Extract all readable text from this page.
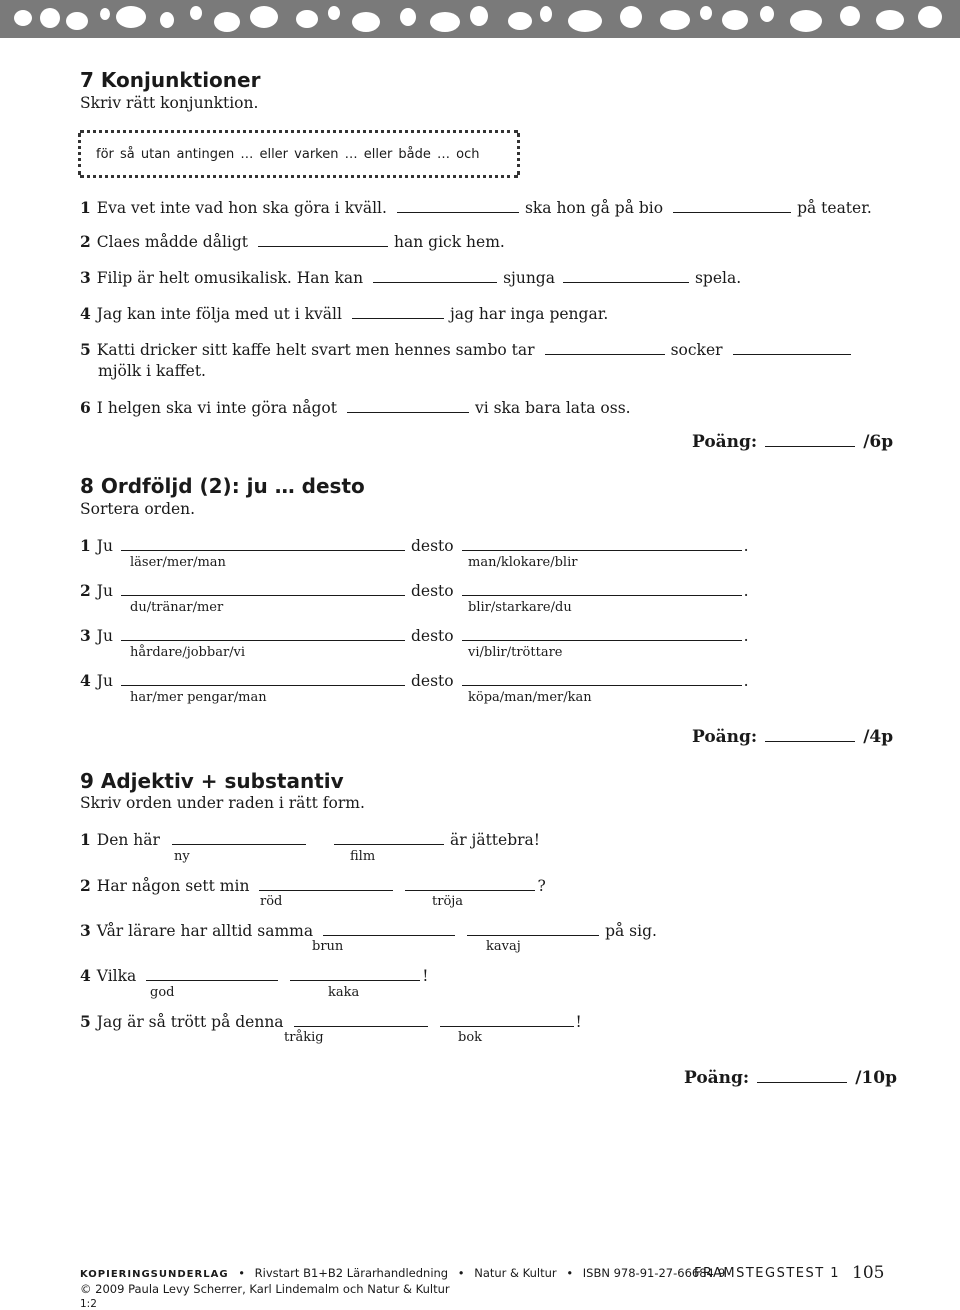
7 Konjunktioner
Skriv rätt konjunktion.
för så utan antingen … eller varken … eller både … och
1 Eva vet inte vad hon ska göra i kväll.	ska hon gå på bio	på teater.
2 Claes mådde dåligt	han gick hem.
3 Filip är helt omusikalisk. Han kan	sjunga	spela.
4 Jag kan inte följa med ut i kväll	jag har inga pengar.
5 Katti dricker sitt kaffe helt svart men hennes sambo tar	socker
mjölk i kaffet.
6 I helgen ska vi inte göra något	vi ska bara lata oss.
Poäng:	/6p
8 Ordföljd (2): ju … desto
Sortera orden.
1 Ju	desto	.
läser/mer/man	man/klokare/blir
2 Ju	desto	.
du/tränar/mer	blir/starkare/du
3 Ju	desto	.
hårdare/jobbar/vi	vi/blir/tröttare
4 Ju	desto	.
har/mer pengar/man	köpa/man/mer/kan
Poäng:	/4p
9 Adjektiv + substantiv
Skriv orden under raden i rätt form.
1 Den här	är jättebra!
ny	film
2 Har någon sett min	?
röd	tröja
3 Vår lärare har alltid samma	på sig.
brun	kavaj
4 Vilka	!
god	kaka
5 Jag är så trött på denna	!
tråkig	bok
Poäng:	/10p
KOPIERINGSUNDERLAG • Rivstart B1+B2 Lärarhandledning • Natur & Kultur • ISBN 978-91-27-66684-9
© 2009 Paula Levy Scherrer, Karl Lindemalm och Natur & Kultur
1:2
FRAMSTEGSTEST 1 105
